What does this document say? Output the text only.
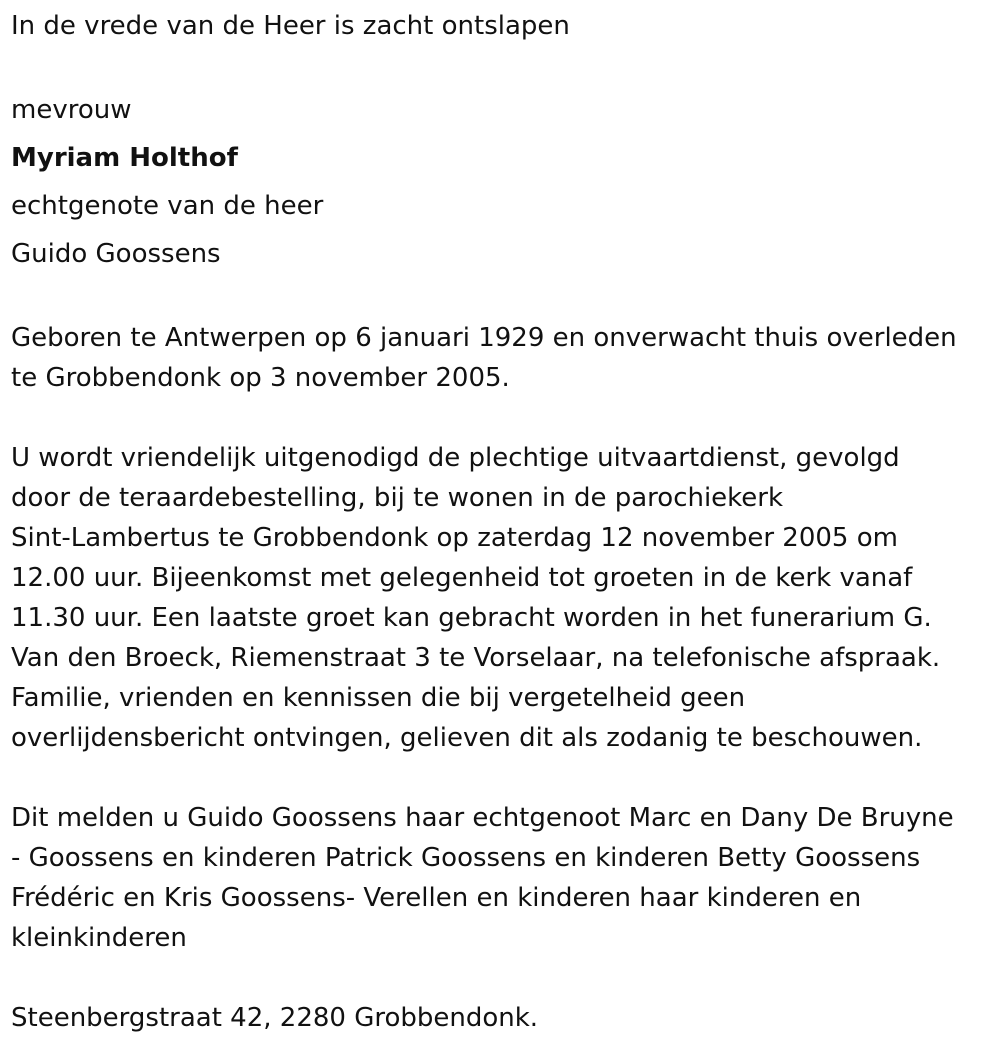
In de vrede van de Heer is zacht ontslapen
mevrouw
Myriam Holthof
echtgenote van de heer
Guido Goossens
Geboren te Antwerpen op 6 januari 1929 en onverwacht thuis overleden
te Grobbendonk op 3 november 2005.
U wordt vriendelijk uitgenodigd de plechtige uitvaartdienst, gevolgd
door de teraardebestelling, bij te wonen in de parochiekerk
Sint-Lambertus te Grobbendonk op zaterdag 12 november 2005 om
12.00 uur. Bijeenkomst met gelegenheid tot groeten in de kerk vanaf
11.30 uur. Een laatste groet kan gebracht worden in het funerarium G.
Van den Broeck, Riemenstraat 3 te Vorselaar, na telefonische afspraak.
Familie, vrienden en kennissen die bij vergetelheid geen
overlijdensbericht ontvingen, gelieven dit als zodanig te beschouwen.
Dit melden u Guido Goossens haar echtgenoot Marc en Dany De Bruyne
- Goossens en kinderen Patrick Goossens en kinderen Betty Goossens
Frédéric en Kris Goossens- Verellen en kinderen haar kinderen en
kleinkinderen
Steenbergstraat 42, 2280 Grobbendonk.
